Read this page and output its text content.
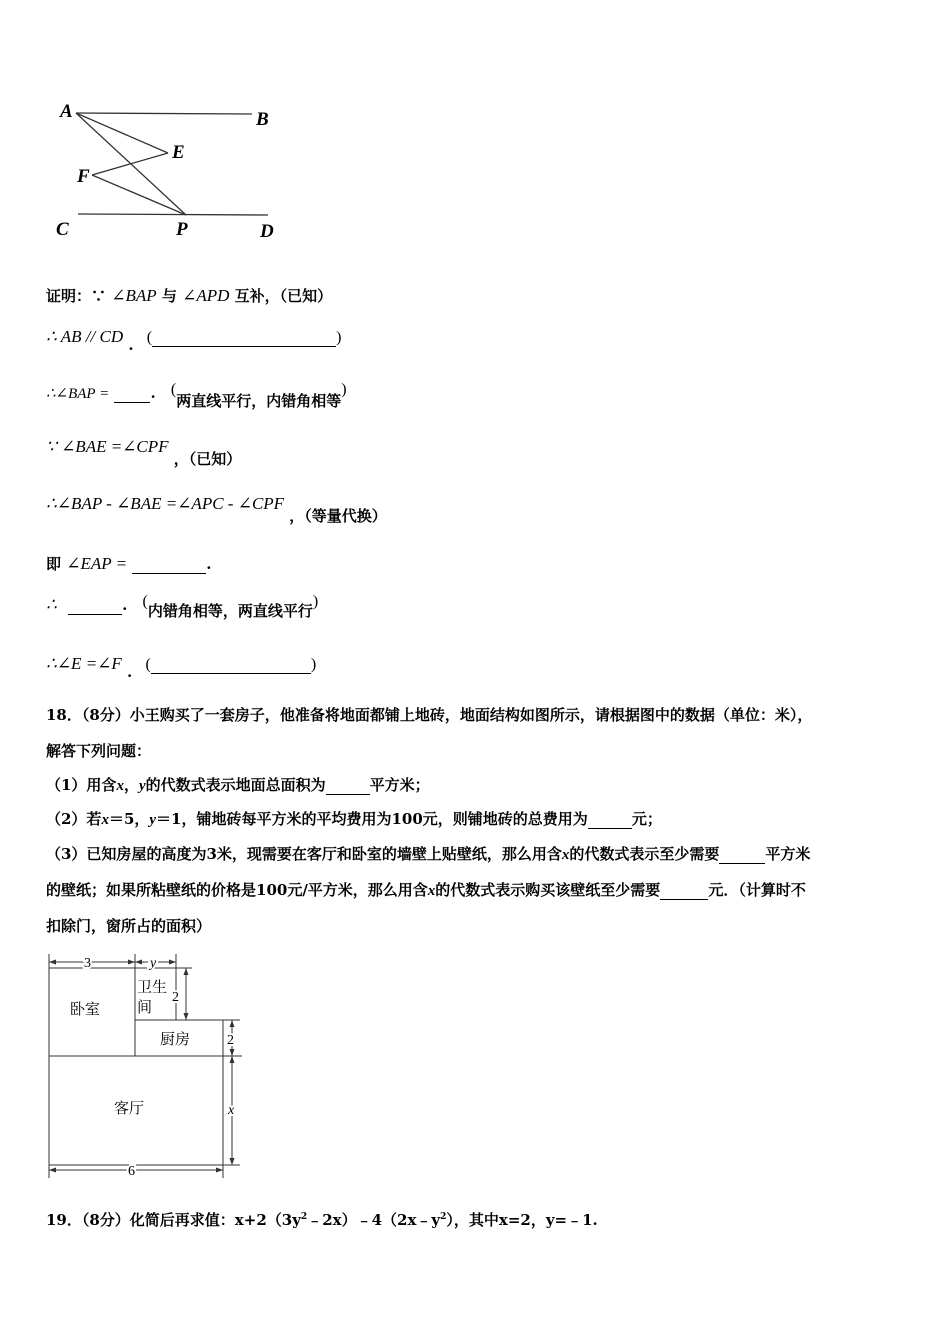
A	B
E
F
C	P	D
证明：∵ ∠BAP 与 ∠APD 互补，（已知）
∴ AB // CD . (	)
∴∠BAP =	. (两直线平行，内错角相等)
∵ ∠BAE =∠CPF ，（已知）
∴∠BAP - ∠BAE =∠APC - ∠CPF ，（等量代换）
即 ∠EAP =	.
∴	. (内错角相等，两直线平行)
∴∠E =∠F . (	)
18．（8分）小王购买了一套房子，他准备将地面都铺上地砖，地面结构如图所示，请根据图中的数据（单位：米），
解答下列问题：
（1）用含x，y的代数式表示地面总面积为	平方米；
（2）若x＝5，y＝1，铺地砖每平方米的平均费用为100元，则铺地砖的总费用为	元；
（3）已知房屋的高度为3米，现需要在客厅和卧室的墙壁上贴壁纸，那么用含x的代数式表示至少需要	平方米
的壁纸；如果所粘壁纸的价格是100元/平方米，那么用含x的代数式表示购买该壁纸至少需要	元．（计算时不
扣除门，窗所占的面积）
3	y
2
2
x
6
卧室
卫生
间
厨房
客厅
19．（8分）化简后再求值：$x+2(3y^2﹣2x)﹣4(2x﹣y^2)$，其中x=2，y=﹣1.
